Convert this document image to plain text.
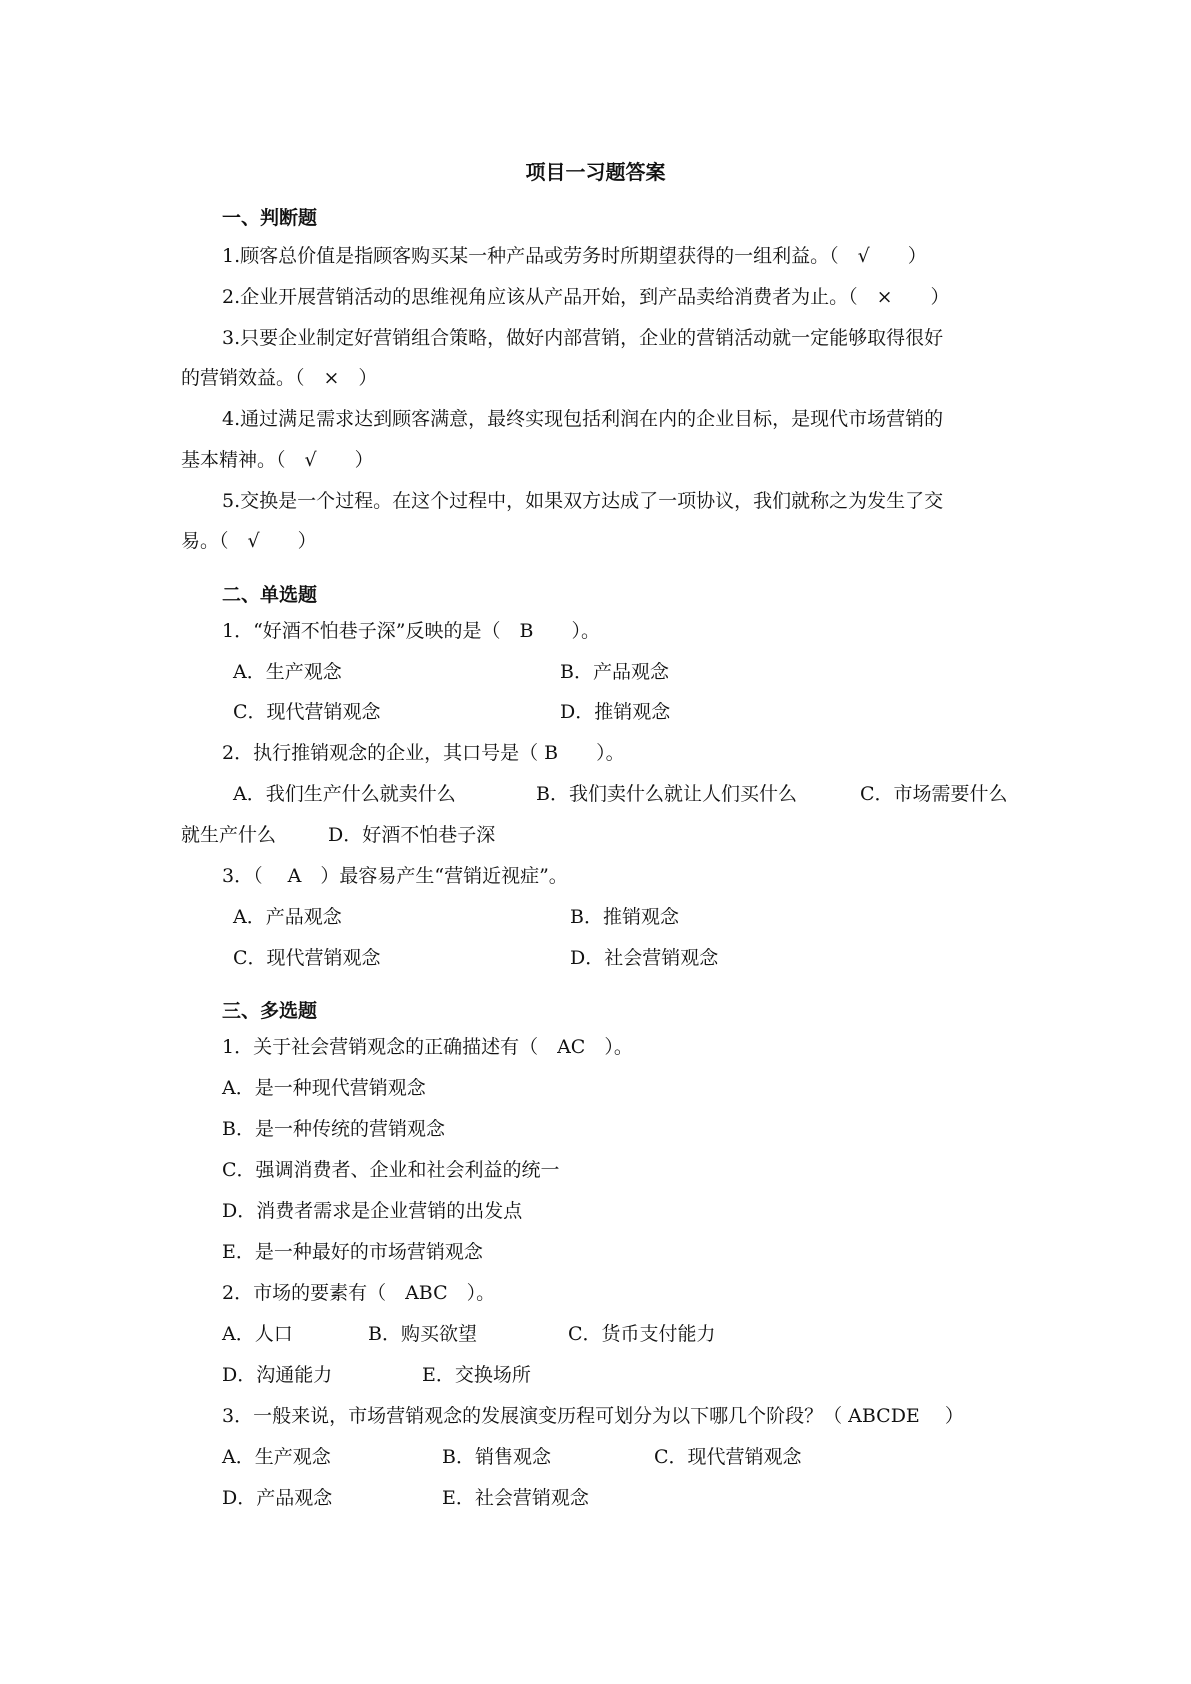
项目一习题答案
一、判断题
1.顾客总价值是指顾客购买某一种产品或劳务时所期望获得的一组利益。（　√　　）
2.企业开展营销活动的思维视角应该从产品开始，到产品卖给消费者为止。（　×　　）
3.只要企业制定好营销组合策略，做好内部营销，企业的营销活动就一定能够取得很好
的营销效益。（　×　）
4.通过满足需求达到顾客满意，最终实现包括利润在内的企业目标，是现代市场营销的
基本精神。（　√　　）
5.交换是一个过程。在这个过程中，如果双方达成了一项协议，我们就称之为发生了交
易。（　√　　）
二、单选题
1．“好酒不怕巷子深”反映的是（　B　　）。
A．生产观念	B．产品观念
C．现代营销观念	D．推销观念
2．执行推销观念的企业，其口号是（ B　　）。
A．我们生产什么就卖什么	B．我们卖什么就让人们买什么	C．市场需要什么
就生产什么	D．好酒不怕巷子深
3．（　 A　）最容易产生“营销近视症”。
A．产品观念	B．推销观念
C．现代营销观念	D．社会营销观念
三、多选题
1．关于社会营销观念的正确描述有（　AC　）。
A．是一种现代营销观念
B．是一种传统的营销观念
C．强调消费者、企业和社会利益的统一
D．消费者需求是企业营销的出发点
E．是一种最好的市场营销观念
2．市场的要素有（　ABC　）。
A．人口	B．购买欲望	C．货币支付能力
D．沟通能力	E．交换场所
3．一般来说，市场营销观念的发展演变历程可划分为以下哪几个阶段？（ ABCDE　 ）
A．生产观念	B．销售观念	C．现代营销观念
D．产品观念	E．社会营销观念
